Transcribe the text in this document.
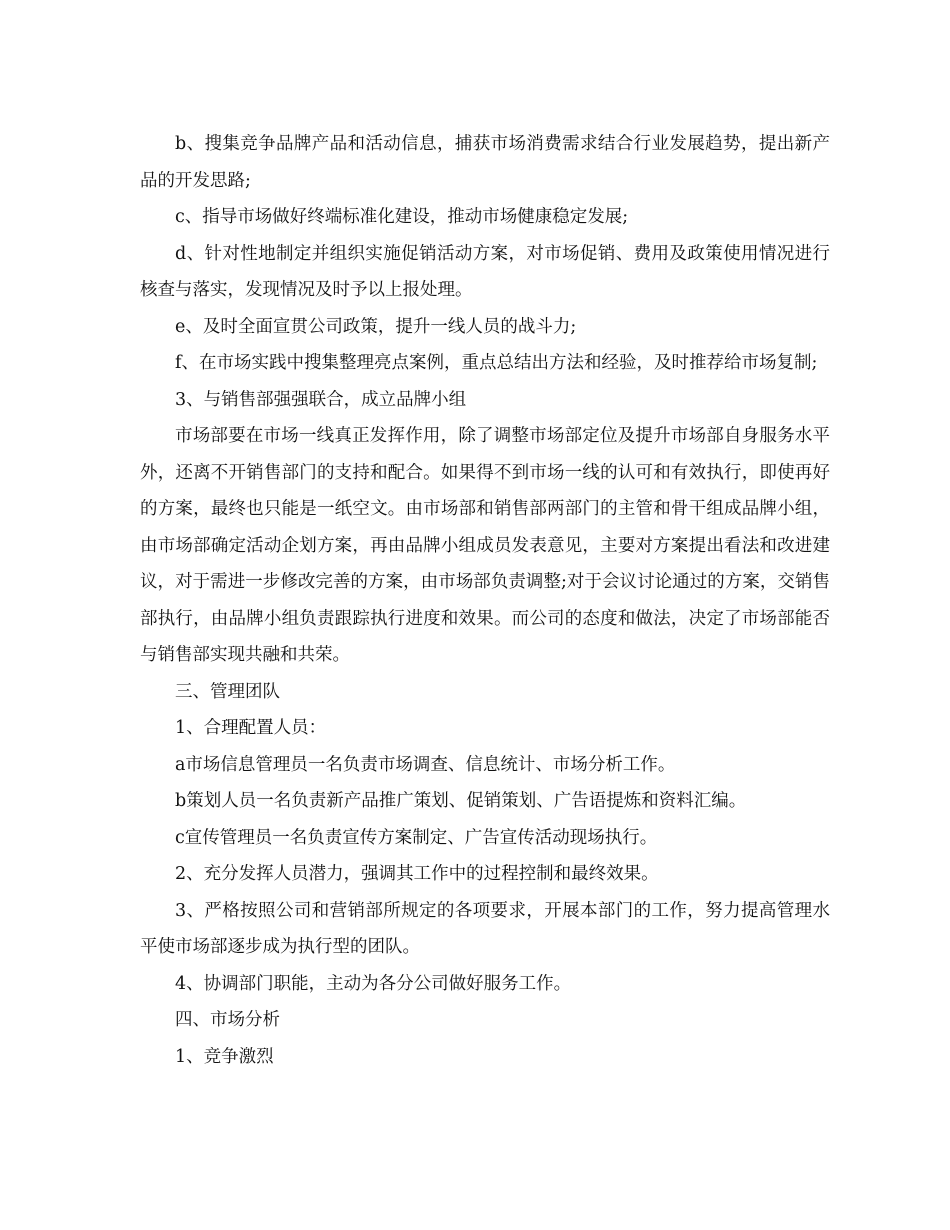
b、搜集竞争品牌产品和活动信息，捕获市场消费需求结合行业发展趋势，提出新产品的开发思路;

c、指导市场做好终端标准化建设，推动市场健康稳定发展;

d、针对性地制定并组织实施促销活动方案，对市场促销、费用及政策使用情况进行核查与落实，发现情况及时予以上报处理。

e、及时全面宣贯公司政策，提升一线人员的战斗力;

f、在市场实践中搜集整理亮点案例，重点总结出方法和经验，及时推荐给市场复制;

3、与销售部强强联合，成立品牌小组

市场部要在市场一线真正发挥作用，除了调整市场部定位及提升市场部自身服务水平外，还离不开销售部门的支持和配合。如果得不到市场一线的认可和有效执行，即使再好的方案，最终也只能是一纸空文。由市场部和销售部两部门的主管和骨干组成品牌小组，由市场部确定活动企划方案，再由品牌小组成员发表意见，主要对方案提出看法和改进建议，对于需进一步修改完善的方案，由市场部负责调整;对于会议讨论通过的方案，交销售部执行，由品牌小组负责跟踪执行进度和效果。而公司的态度和做法，决定了市场部能否与销售部实现共融和共荣。

三、管理团队

1、合理配置人员：

a市场信息管理员一名负责市场调查、信息统计、市场分析工作。

b策划人员一名负责新产品推广策划、促销策划、广告语提炼和资料汇编。

c宣传管理员一名负责宣传方案制定、广告宣传活动现场执行。

2、充分发挥人员潜力，强调其工作中的过程控制和最终效果。

3、严格按照公司和营销部所规定的各项要求，开展本部门的工作，努力提高管理水平使市场部逐步成为执行型的团队。

4、协调部门职能，主动为各分公司做好服务工作。

四、市场分析

1、竞争激烈
